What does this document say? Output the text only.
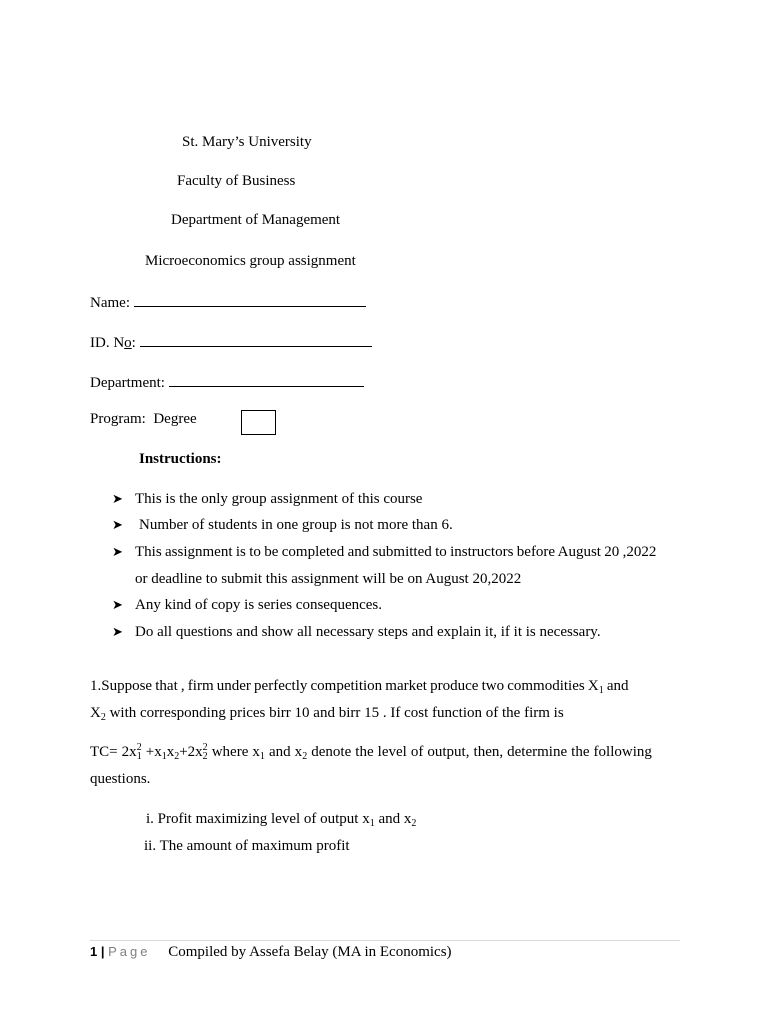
St. Mary’s University
Faculty of Business
Department of Management
Microeconomics group assignment
Name:
ID. No:
Department:
Program: Degree
Instructions:
➤ This is the only group assignment of this course
➤ Number of students in one group is not more than 6.
➤ This assignment is to be completed and submitted to instructors before August 20 ,2022
or deadline to submit this assignment will be on August 20,2022
➤ Any kind of copy is series consequences.
➤ Do all questions and show all necessary steps and explain it, if it is necessary.
1.Suppose that , firm under perfectly competition market produce two commodities $X_1$ and
$X_2$ with corresponding prices birr 10 and birr 15 . If cost function of the firm is
$TC= 2x_1^2 +x_1x_2+2x_2^2$ where $x_1$ and $x_2$ denote the level of output, then, determine the following
questions.
i. Profit maximizing level of output $x_1$ and $x_2$
ii. The amount of maximum profit
1 | Page Compiled by Assefa Belay (MA in Economics)
